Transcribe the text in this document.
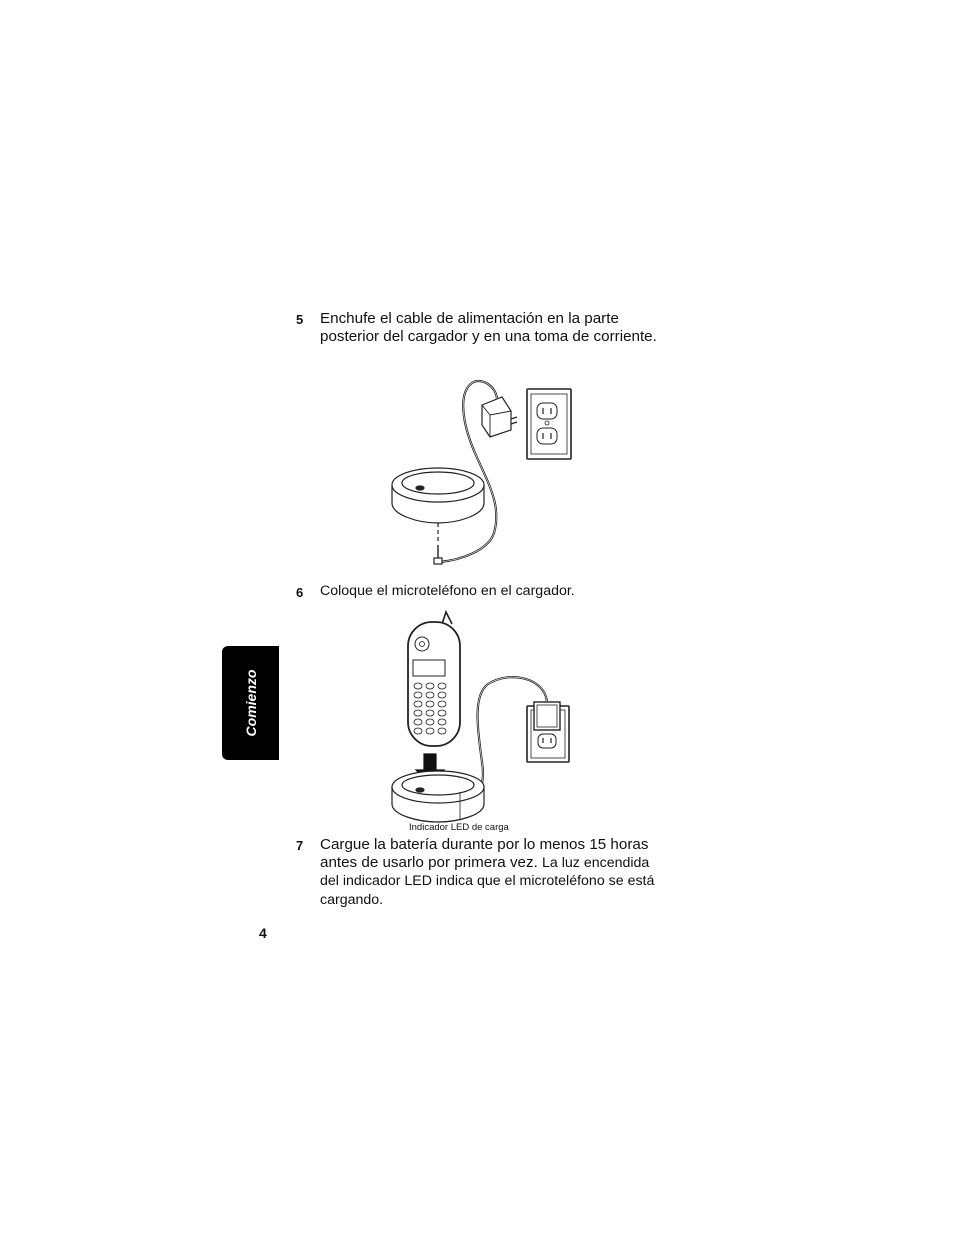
5 Enchufe el cable de alimentación en la parte posterior del cargador y en una toma de corriente.
6 Coloque el microteléfono en el cargador.
Indicador LED de carga
7 Cargue la batería durante por lo menos 15 horas antes de usarlo por primera vez. La luz encendida del indicador LED indica que el microteléfono se está cargando.
Comienzo
4
